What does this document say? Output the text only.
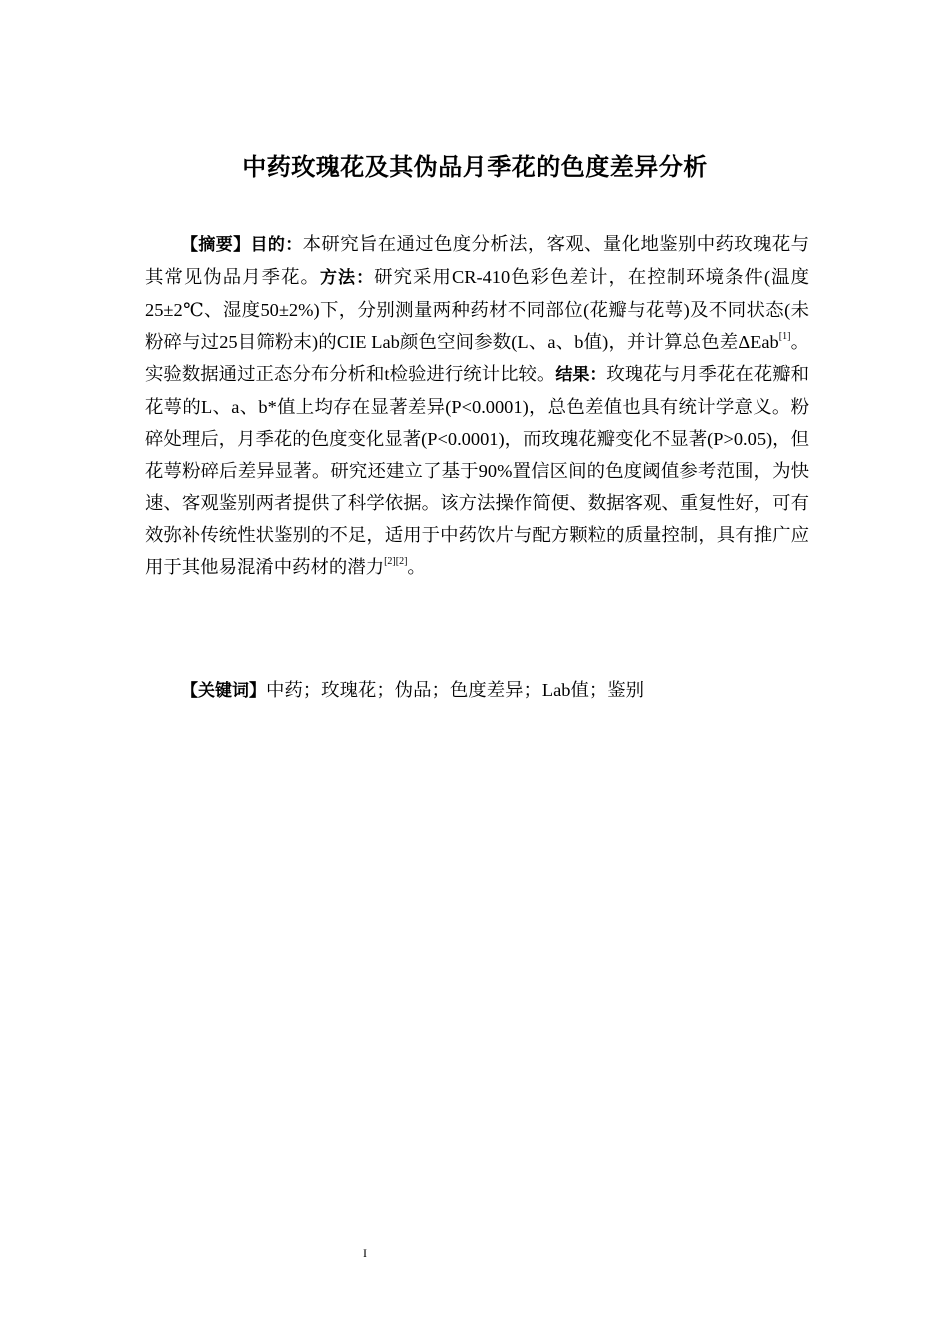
中药玫瑰花及其伪品月季花的色度差异分析

【摘要】目的：本研究旨在通过色度分析法，客观、量化地鉴别中药玫瑰花与其常见伪品月季花。方法：研究采用CR-410色彩色差计，在控制环境条件(温度25±2℃、湿度50±2%)下，分别测量两种药材不同部位(花瓣与花萼)及不同状态(未粉碎与过25目筛粉末)的CIE Lab颜色空间参数(L、a、b值)，并计算总色差ΔEab[1]。实验数据通过正态分布分析和t检验进行统计比较。结果：玫瑰花与月季花在花瓣和花萼的L、a、b*值上均存在显著差异(P<0.0001)，总色差值也具有统计学意义。粉碎处理后，月季花的色度变化显著(P<0.0001)，而玫瑰花瓣变化不显著(P>0.05)，但花萼粉碎后差异显著。研究还建立了基于90%置信区间的色度阈值参考范围，为快速、客观鉴别两者提供了科学依据。该方法操作简便、数据客观、重复性好，可有效弥补传统性状鉴别的不足，适用于中药饮片与配方颗粒的质量控制，具有推广应用于其他易混淆中药材的潜力[2][2]。

【关键词】中药；玫瑰花；伪品；色度差异；Lab值；鉴别

I
